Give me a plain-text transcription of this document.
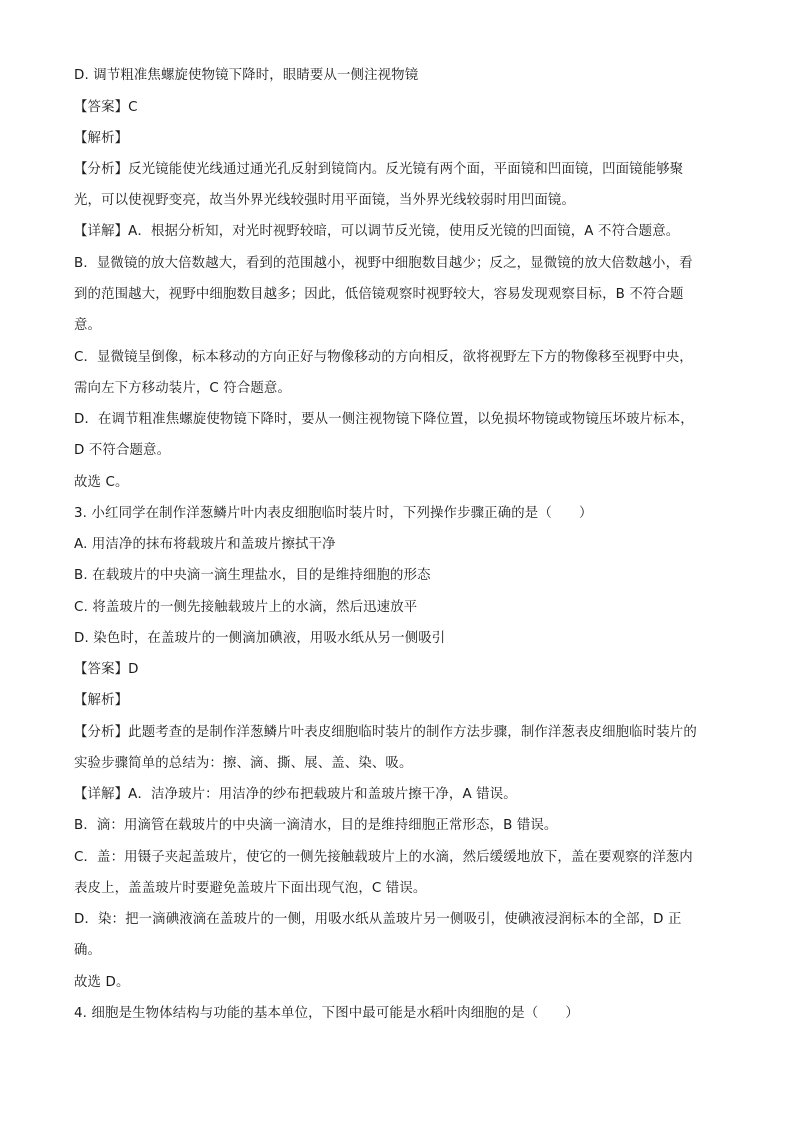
D. 调节粗准焦螺旋使物镜下降时，眼睛要从一侧注视物镜
【答案】C
【解析】
【分析】反光镜能使光线通过通光孔反射到镜筒内。反光镜有两个面，平面镜和凹面镜，凹面镜能够聚
光，可以使视野变亮，故当外界光线较强时用平面镜，当外界光线较弱时用凹面镜。
【详解】A．根据分析知，对光时视野较暗，可以调节反光镜，使用反光镜的凹面镜，A 不符合题意。
B．显微镜的放大倍数越大，看到的范围越小，视野中细胞数目越少；反之，显微镜的放大倍数越小，看
到的范围越大，视野中细胞数目越多；因此，低倍镜观察时视野较大，容易发现观察目标，B 不符合题
意。
C．显微镜呈倒像，标本移动的方向正好与物像移动的方向相反，欲将视野左下方的物像移至视野中央，
需向左下方移动装片，C 符合题意。
D．在调节粗准焦螺旋使物镜下降时，要从一侧注视物镜下降位置，以免损坏物镜或物镜压坏玻片标本，
D 不符合题意。
故选 C。
3. 小红同学在制作洋葱鳞片叶内表皮细胞临时装片时，下列操作步骤正确的是（　　）
A. 用洁净的抹布将载玻片和盖玻片擦拭干净
B. 在载玻片的中央滴一滴生理盐水，目的是维持细胞的形态
C. 将盖玻片的一侧先接触载玻片上的水滴，然后迅速放平
D. 染色时，在盖玻片的一侧滴加碘液，用吸水纸从另一侧吸引
【答案】D
【解析】
【分析】此题考查的是制作洋葱鳞片叶表皮细胞临时装片的制作方法步骤，制作洋葱表皮细胞临时装片的
实验步骤简单的总结为：擦、滴、撕、展、盖、染、吸。
【详解】A．洁净玻片：用洁净的纱布把载玻片和盖玻片擦干净，A 错误。
B．滴：用滴管在载玻片的中央滴一滴清水，目的是维持细胞正常形态，B 错误。
C．盖：用镊子夹起盖玻片，使它的一侧先接触载玻片上的水滴，然后缓缓地放下，盖在要观察的洋葱内
表皮上，盖盖玻片时要避免盖玻片下面出现气泡，C 错误。
D．染：把一滴碘液滴在盖玻片的一侧，用吸水纸从盖玻片另一侧吸引，使碘液浸润标本的全部，D 正
确。
故选 D。
4. 细胞是生物体结构与功能的基本单位，下图中最可能是水稻叶肉细胞的是（　　）
